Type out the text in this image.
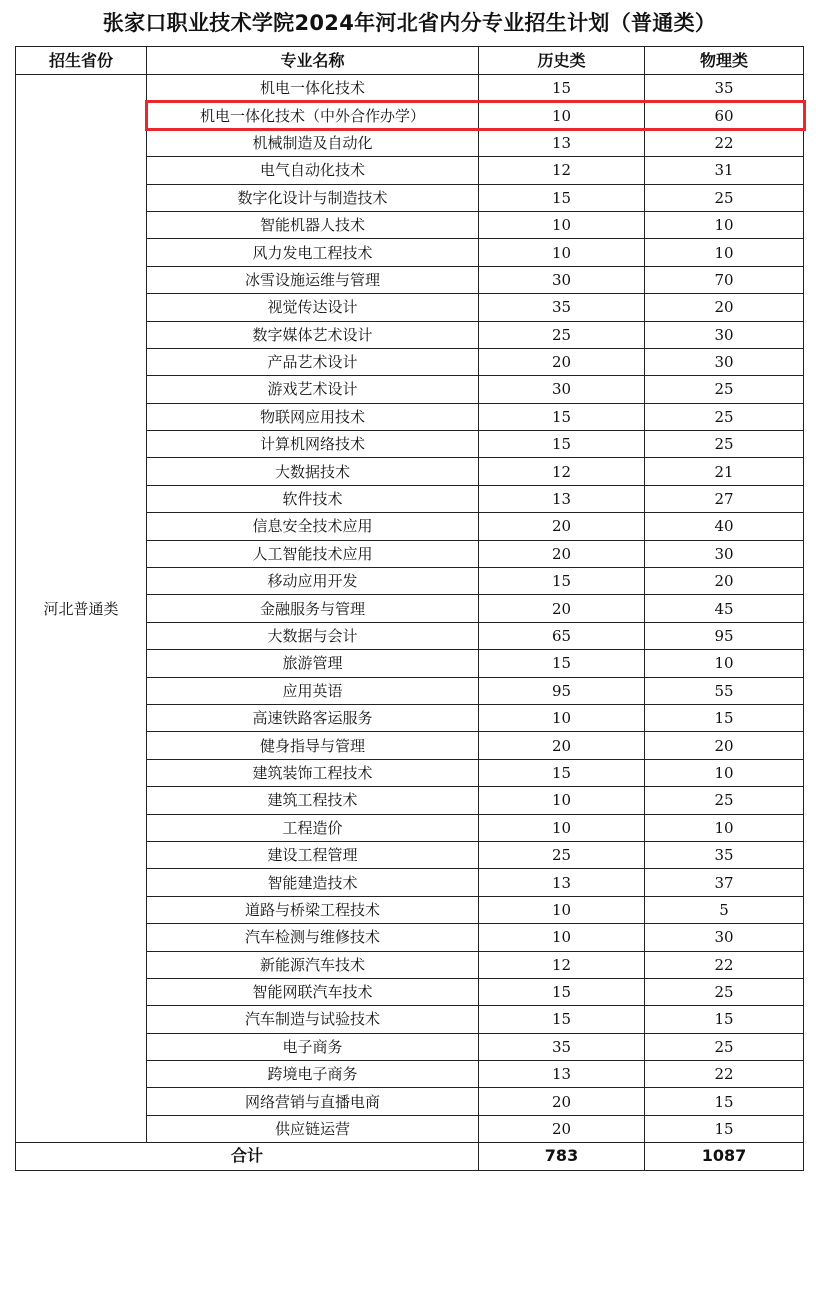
张家口职业技术学院2024年河北省内分专业招生计划（普通类）
招生省份	专业名称	历史类	物理类
河北普通类	机电一体化技术	15	35
	机电一体化技术（中外合作办学）	10	60
	机械制造及自动化	13	22
	电气自动化技术	12	31
	数字化设计与制造技术	15	25
	智能机器人技术	10	10
	风力发电工程技术	10	10
	冰雪设施运维与管理	30	70
	视觉传达设计	35	20
	数字媒体艺术设计	25	30
	产品艺术设计	20	30
	游戏艺术设计	30	25
	物联网应用技术	15	25
	计算机网络技术	15	25
	大数据技术	12	21
	软件技术	13	27
	信息安全技术应用	20	40
	人工智能技术应用	20	30
	移动应用开发	15	20
	金融服务与管理	20	45
	大数据与会计	65	95
	旅游管理	15	10
	应用英语	95	55
	高速铁路客运服务	10	15
	健身指导与管理	20	20
	建筑装饰工程技术	15	10
	建筑工程技术	10	25
	工程造价	10	10
	建设工程管理	25	35
	智能建造技术	13	37
	道路与桥梁工程技术	10	5
	汽车检测与维修技术	10	30
	新能源汽车技术	12	22
	智能网联汽车技术	15	25
	汽车制造与试验技术	15	15
	电子商务	35	25
	跨境电子商务	13	22
	网络营销与直播电商	20	15
	供应链运营	20	15
合计		783	1087
